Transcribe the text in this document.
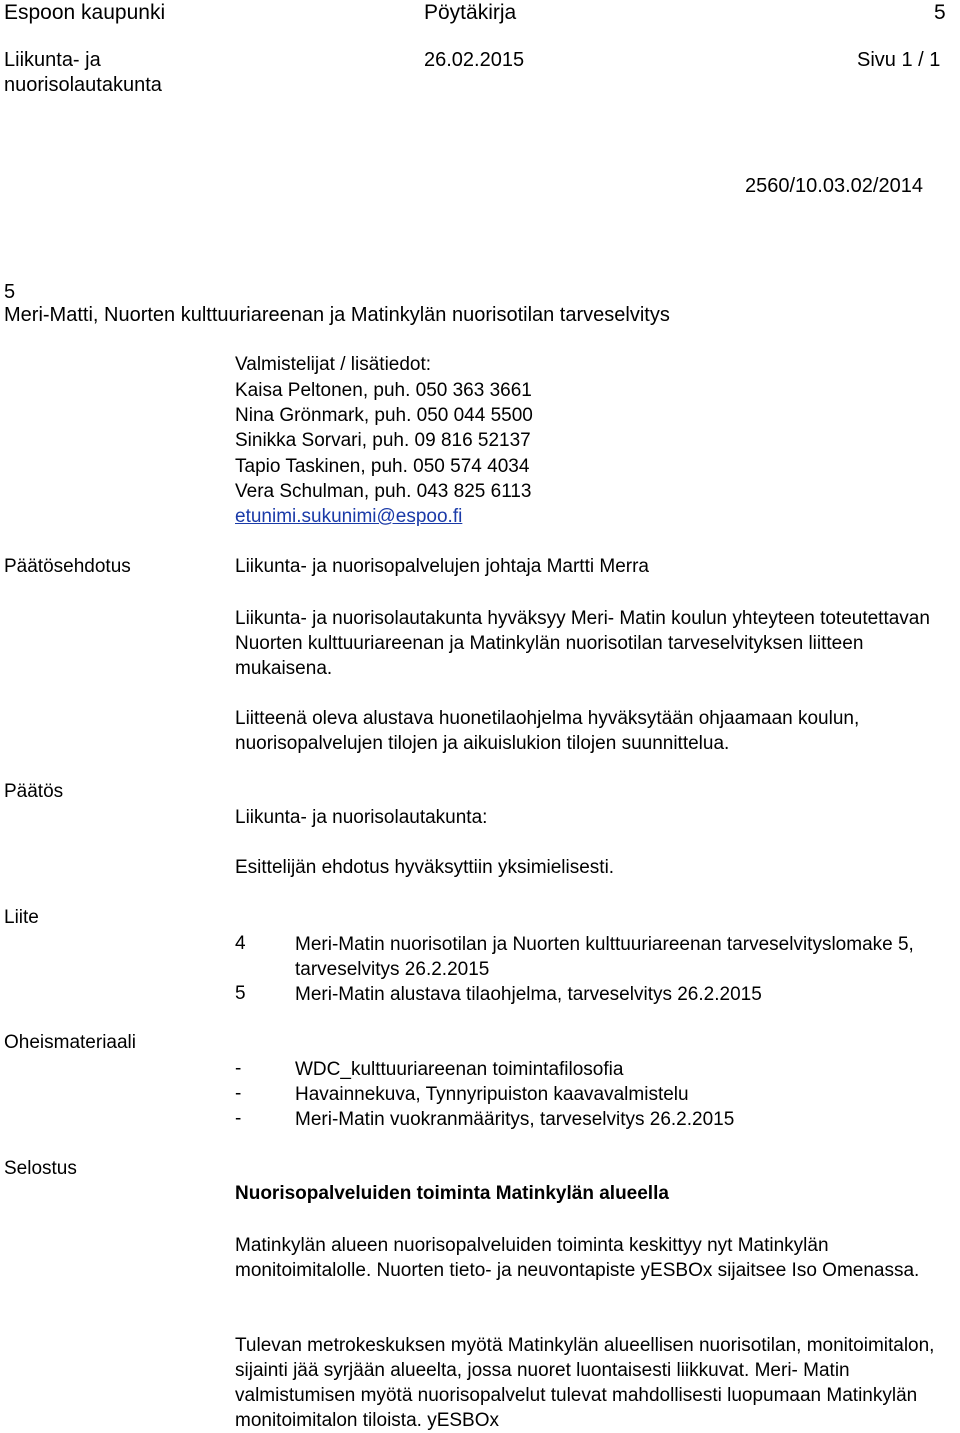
Espoon kaupunki	Pöytäkirja	5
Liikunta- ja
nuorisolautakunta
26.02.2015	Sivu 1 / 1
2560/10.03.02/2014
5
Meri-Matti, Nuorten kulttuuriareenan ja Matinkylän nuorisotilan tarveselvitys
Valmistelijat / lisätiedot:
Kaisa Peltonen, puh. 050 363 3661
Nina Grönmark, puh. 050 044 5500
Sinikka Sorvari, puh. 09 816 52137
Tapio Taskinen, puh. 050 574 4034
Vera Schulman, puh. 043 825 6113
etunimi.sukunimi@espoo.fi
Päätösehdotus	Liikunta- ja nuorisopalvelujen johtaja Martti Merra
Liikunta- ja nuorisolautakunta hyväksyy Meri- Matin koulun yhteyteen toteutettavan Nuorten kulttuuriareenan ja Matinkylän nuorisotilan tarveselvityksen liitteen mukaisena.
Liitteenä oleva alustava huonetilaohjelma hyväksytään ohjaamaan koulun, nuorisopalvelujen tilojen ja aikuislukion tilojen suunnittelua.
Päätös
Liikunta- ja nuorisolautakunta:
Esittelijän ehdotus hyväksyttiin yksimielisesti.
Liite
4	Meri-Matin nuorisotilan ja Nuorten kulttuuriareenan tarveselvityslomake 5, tarveselvitys 26.2.2015
5	Meri-Matin alustava tilaohjelma, tarveselvitys 26.2.2015
Oheismateriaali
-	WDC_kulttuuriareenan toimintafilosofia
-	Havainnekuva, Tynnyripuiston kaavavalmistelu
-	Meri-Matin vuokranmääritys, tarveselvitys 26.2.2015
Selostus
Nuorisopalveluiden toiminta Matinkylän alueella
Matinkylän alueen nuorisopalveluiden toiminta keskittyy nyt Matinkylän monitoimitalolle. Nuorten tieto- ja neuvontapiste yESBOx sijaitsee Iso Omenassa.
Tulevan metrokeskuksen myötä Matinkylän alueellisen nuorisotilan, monitoimitalon, sijainti jää syrjään alueelta, jossa nuoret luontaisesti liikkuvat. Meri- Matin valmistumisen myötä nuorisopalvelut tulevat mahdollisesti luopumaan Matinkylän monitoimitalon tiloista. yESBOx
